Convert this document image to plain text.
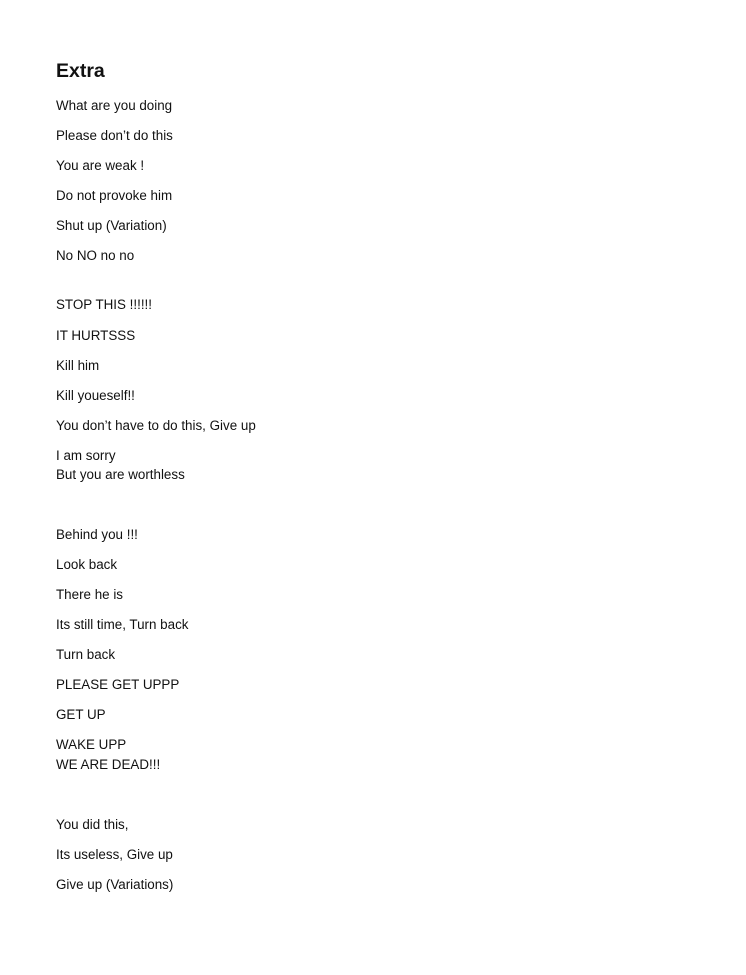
Extra

What are you doing

Please don’t do this

You are weak !

Do not provoke him

Shut up (Variation)

No NO no no

STOP THIS !!!!!!

IT HURTSSS

Kill him

Kill youeself!!

You don’t have to do this, Give up

I am sorry

But you are worthless

Behind you !!!

Look back

There he is

Its still time, Turn back

Turn back

PLEASE GET UPPP

GET UP

WAKE UPP

WE ARE DEAD!!!

You did this,

Its useless, Give up

Give up (Variations)
